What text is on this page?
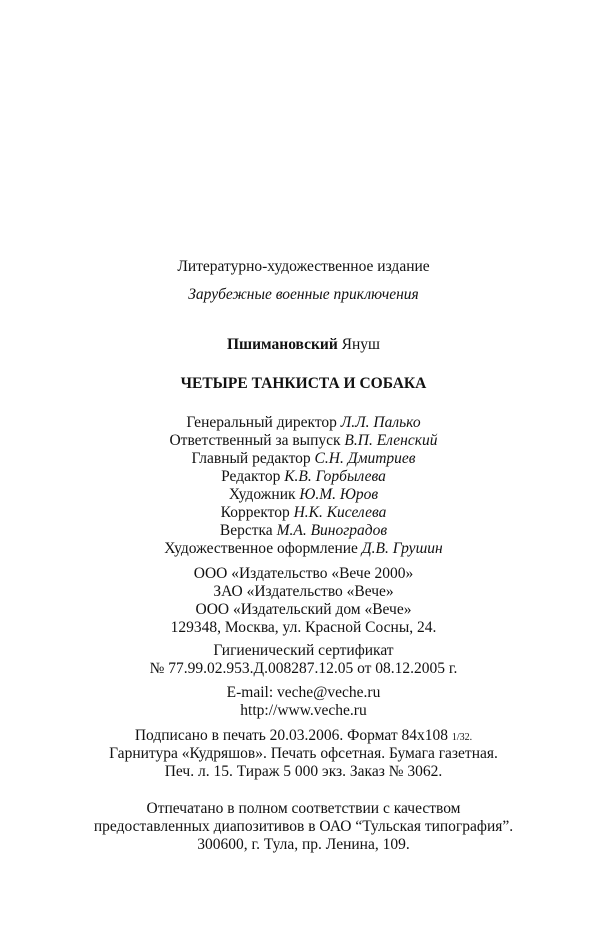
Литературно-художественное издание
Зарубежные военные приключения
Пшимановский Януш
ЧЕТЫРЕ ТАНКИСТА И СОБАКА
Генеральный директор Л.Л. Палько
Ответственный за выпуск В.П. Еленский
Главный редактор С.Н. Дмитриев
Редактор К.В. Горбылева
Художник Ю.М. Юров
Корректор Н.К. Киселева
Верстка М.А. Виноградов
Художественное оформление Д.В. Грушин
ООО «Издательство «Вече 2000»
ЗАО «Издательство «Вече»
ООО «Издательский дом «Вече»
129348, Москва, ул. Красной Сосны, 24.
Гигиенический сертификат
№ 77.99.02.953.Д.008287.12.05 от 08.12.2005 г.
E-mail: veche@veche.ru
http://www.veche.ru
Подписано в печать 20.03.2006. Формат 84x108 1/32.
Гарнитура «Кудряшов». Печать офсетная. Бумага газетная.
Печ. л. 15. Тираж 5 000 экз. Заказ № 3062.
Отпечатано в полном соответствии с качеством
предоставленных диапозитивов в ОАО “Тульская типография”.
300600, г. Тула, пр. Ленина, 109.
